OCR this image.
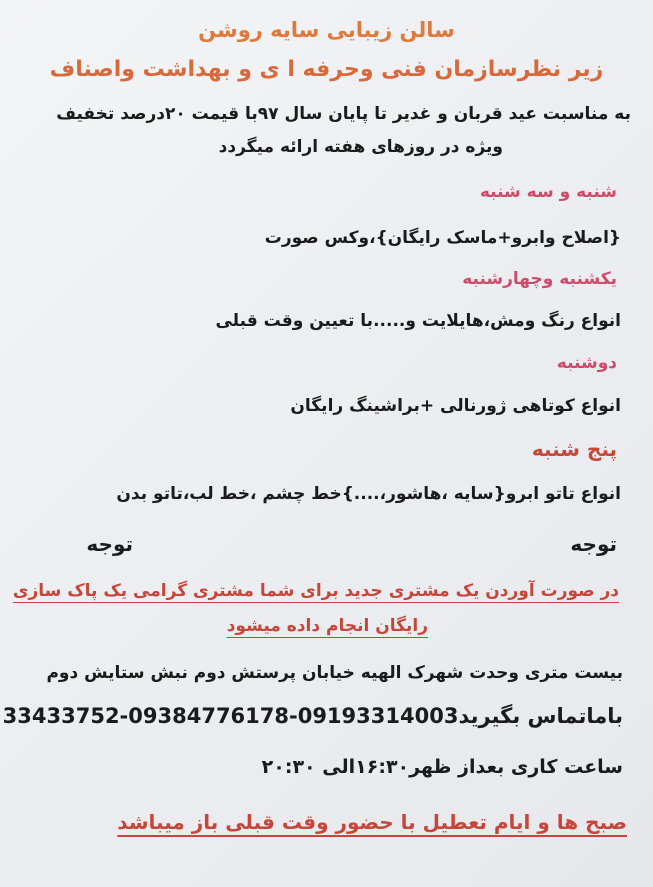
سالن زیبایی سایه روشن
زیر نظرسازمان فنی وحرفه ا ی و بهداشت واصناف
به مناسبت عید قربان و غدیر تا پایان سال ۹۷با قیمت ۲۰درصد تخفیف
ویژه در روزهای هفته ارائه میگردد
شنبه و سه شنبه
{اصلاح وابرو+ماسک رایگان}،وکس صورت
یکشنبه وچهارشنبه
انواع رنگ ومش،هایلایت و.....با تعیین وقت قبلی
دوشنبه
انواع کوتاهی ژورنالی +براشینگ رایگان
پنج شنبه
انواع تاتو ابرو{سایه ،هاشور،....}خط چشم ،خط لب،تاتو بدن
توجه
توجه
در صورت آوردن یک مشتری جدید برای شما مشتری گرامی یک پاک سازی
رایگان انجام داده میشود
بیست متری وحدت شهرک الهیه خیابان پرستش دوم نبش ستایش دوم
باماتماس بگیرید33433752-09384776178-09193314003
ساعت کاری بعداز ظهر۱۶:۳۰الی ۲۰:۳۰
صبح ها و ایام تعطیل با حضور وقت قبلی باز میباشد
